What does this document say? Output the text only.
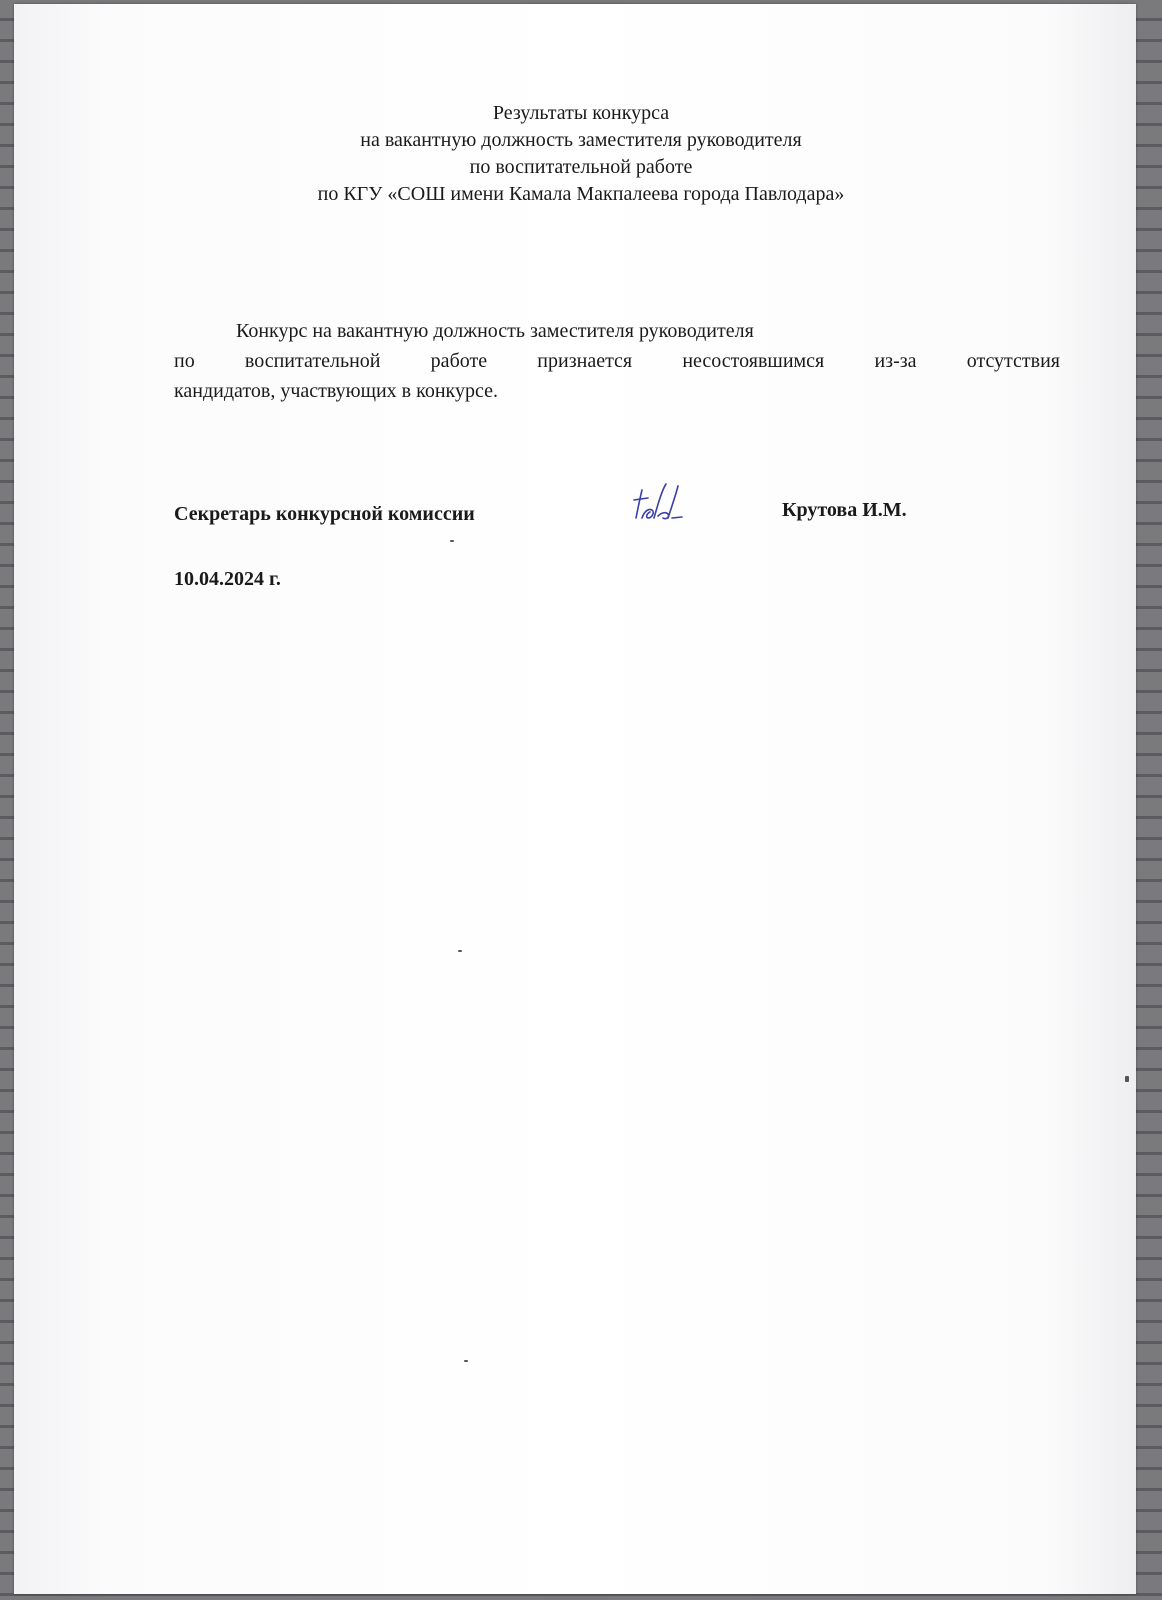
Результаты конкурса
на вакантную должность заместителя руководителя
по воспитательной работе
по КГУ «СОШ имени Камала Макпалеева города Павлодара»
Конкурс на вакантную должность заместителя руководителя
по воспитательной работе признается несостоявшимся из-за отсутствия
кандидатов, участвующих в конкурсе.
Секретарь конкурсной комиссии	Крутова И.М.
10.04.2024 г.
